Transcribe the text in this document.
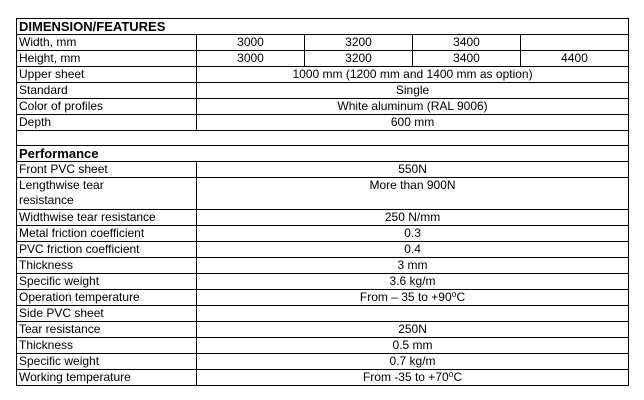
DIMENSION/FEATURES				
Width, mm	3000	3200	3400	
Height, mm	3000	3200	3400	4400
Upper sheet	1000 mm (1200 mm and 1400 mm as option)			
Standard	Single			
Color of profiles	White aluminum (RAL 9006)			
Depth	600 mm			

Performance				
Front PVC sheet	550N			

Lengthwise tear resistance	More than 900N			
Widthwise tear resistance	250 N/mm			
Metal friction coefficient	0.3			
PVC friction coefficient	0.4			
Thickness	3 mm			
Specific weight	3.6 kg/m			
Operation temperature	From – 35 to +90⁰C			
Side PVC sheet				
Tear resistance	250N			
Thickness	0.5 mm			
Specific weight	0.7 kg/m			
Working temperature	From -35 to +70⁰C			
